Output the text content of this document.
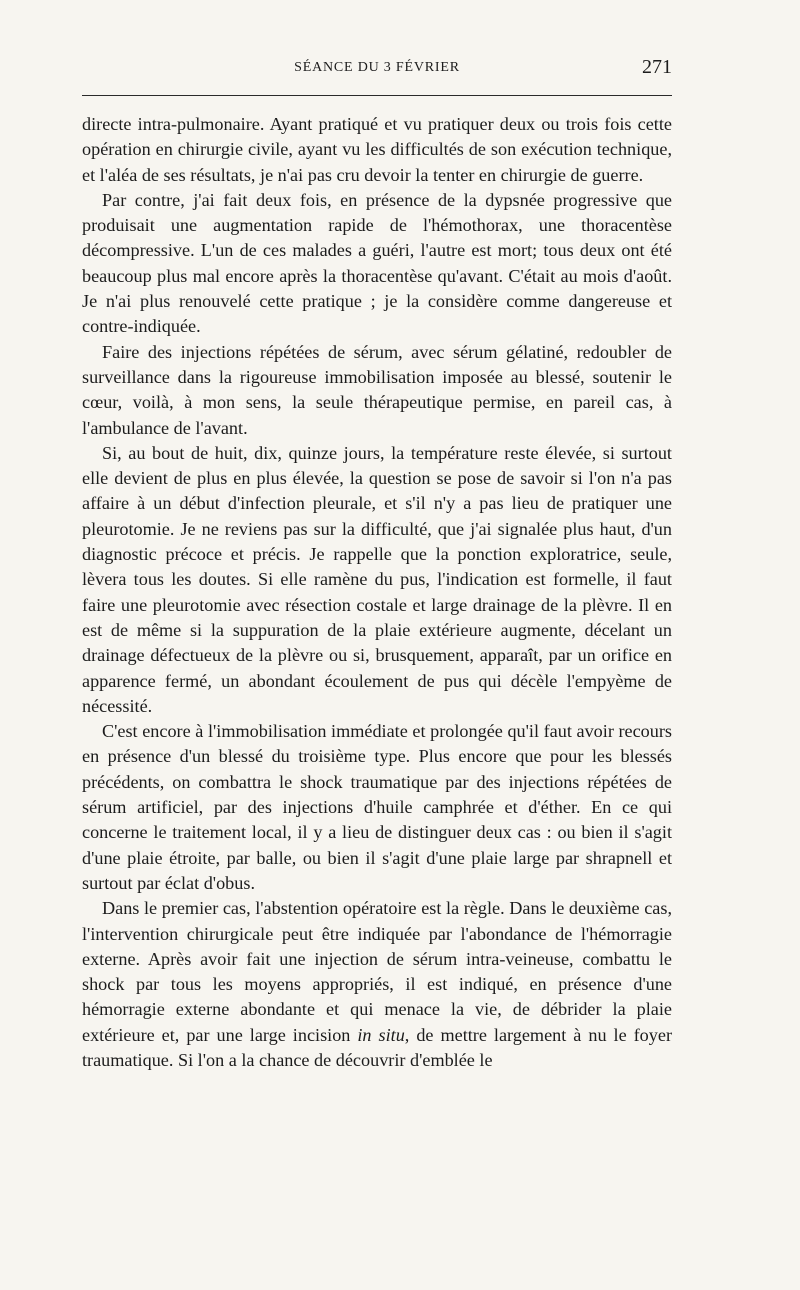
SÉANCE DU 3 FÉVRIER	271

directe intra-pulmonaire. Ayant pratiqué et vu pratiquer deux ou trois fois cette opération en chirurgie civile, ayant vu les difficultés de son exécution technique, et l'aléa de ses résultats, je n'ai pas cru devoir la tenter en chirurgie de guerre.

Par contre, j'ai fait deux fois, en présence de la dypsnée progressive que produisait une augmentation rapide de l'hémothorax, une thoracentèse décompressive. L'un de ces malades a guéri, l'autre est mort; tous deux ont été beaucoup plus mal encore après la thoracentèse qu'avant. C'était au mois d'août. Je n'ai plus renouvelé cette pratique ; je la considère comme dangereuse et contre-indiquée.

Faire des injections répétées de sérum, avec sérum gélatiné, redoubler de surveillance dans la rigoureuse immobilisation imposée au blessé, soutenir le cœur, voilà, à mon sens, la seule thérapeutique permise, en pareil cas, à l'ambulance de l'avant.

Si, au bout de huit, dix, quinze jours, la température reste élevée, si surtout elle devient de plus en plus élevée, la question se pose de savoir si l'on n'a pas affaire à un début d'infection pleurale, et s'il n'y a pas lieu de pratiquer une pleurotomie. Je ne reviens pas sur la difficulté, que j'ai signalée plus haut, d'un diagnostic précoce et précis. Je rappelle que la ponction exploratrice, seule, lèvera tous les doutes. Si elle ramène du pus, l'indication est formelle, il faut faire une pleurotomie avec résection costale et large drainage de la plèvre. Il en est de même si la suppuration de la plaie extérieure augmente, décelant un drainage défectueux de la plèvre ou si, brusquement, apparaît, par un orifice en apparence fermé, un abondant écoulement de pus qui décèle l'empyème de nécessité.

C'est encore à l'immobilisation immédiate et prolongée qu'il faut avoir recours en présence d'un blessé du troisième type. Plus encore que pour les blessés précédents, on combattra le shock traumatique par des injections répétées de sérum artificiel, par des injections d'huile camphrée et d'éther. En ce qui concerne le traitement local, il y a lieu de distinguer deux cas : ou bien il s'agit d'une plaie étroite, par balle, ou bien il s'agit d'une plaie large par shrapnell et surtout par éclat d'obus.

Dans le premier cas, l'abstention opératoire est la règle. Dans le deuxième cas, l'intervention chirurgicale peut être indiquée par l'abondance de l'hémorragie externe. Après avoir fait une injection de sérum intra-veineuse, combattu le shock par tous les moyens appropriés, il est indiqué, en présence d'une hémorragie externe abondante et qui menace la vie, de débrider la plaie extérieure et, par une large incision in situ, de mettre largement à nu le foyer traumatique. Si l'on a la chance de découvrir d'emblée le
